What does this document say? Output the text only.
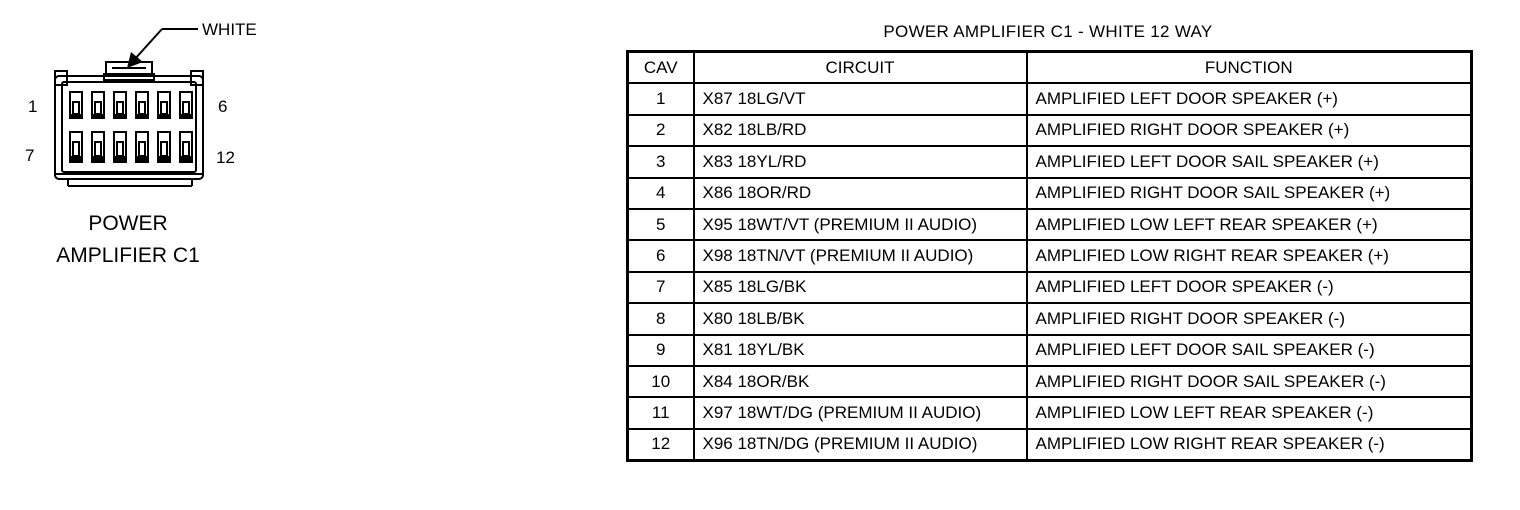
WHITE
1	6
7	12
POWER
AMPLIFIER C1
POWER AMPLIFIER C1 - WHITE 12 WAY
CAV	CIRCUIT	FUNCTION
1	X87 18LG/VT	AMPLIFIED LEFT DOOR SPEAKER (+)
2	X82 18LB/RD	AMPLIFIED RIGHT DOOR SPEAKER (+)
3	X83 18YL/RD	AMPLIFIED LEFT DOOR SAIL SPEAKER (+)
4	X86 18OR/RD	AMPLIFIED RIGHT DOOR SAIL SPEAKER (+)
5	X95 18WT/VT (PREMIUM II AUDIO)	AMPLIFIED LOW LEFT REAR SPEAKER (+)
6	X98 18TN/VT (PREMIUM II AUDIO)	AMPLIFIED LOW RIGHT REAR SPEAKER (+)
7	X85 18LG/BK	AMPLIFIED LEFT DOOR SPEAKER (-)
8	X80 18LB/BK	AMPLIFIED RIGHT DOOR SPEAKER (-)
9	X81 18YL/BK	AMPLIFIED LEFT DOOR SAIL SPEAKER (-)
10	X84 18OR/BK	AMPLIFIED RIGHT DOOR SAIL SPEAKER (-)
11	X97 18WT/DG (PREMIUM II AUDIO)	AMPLIFIED LOW LEFT REAR SPEAKER (-)
12	X96 18TN/DG (PREMIUM II AUDIO)	AMPLIFIED LOW RIGHT REAR SPEAKER (-)
